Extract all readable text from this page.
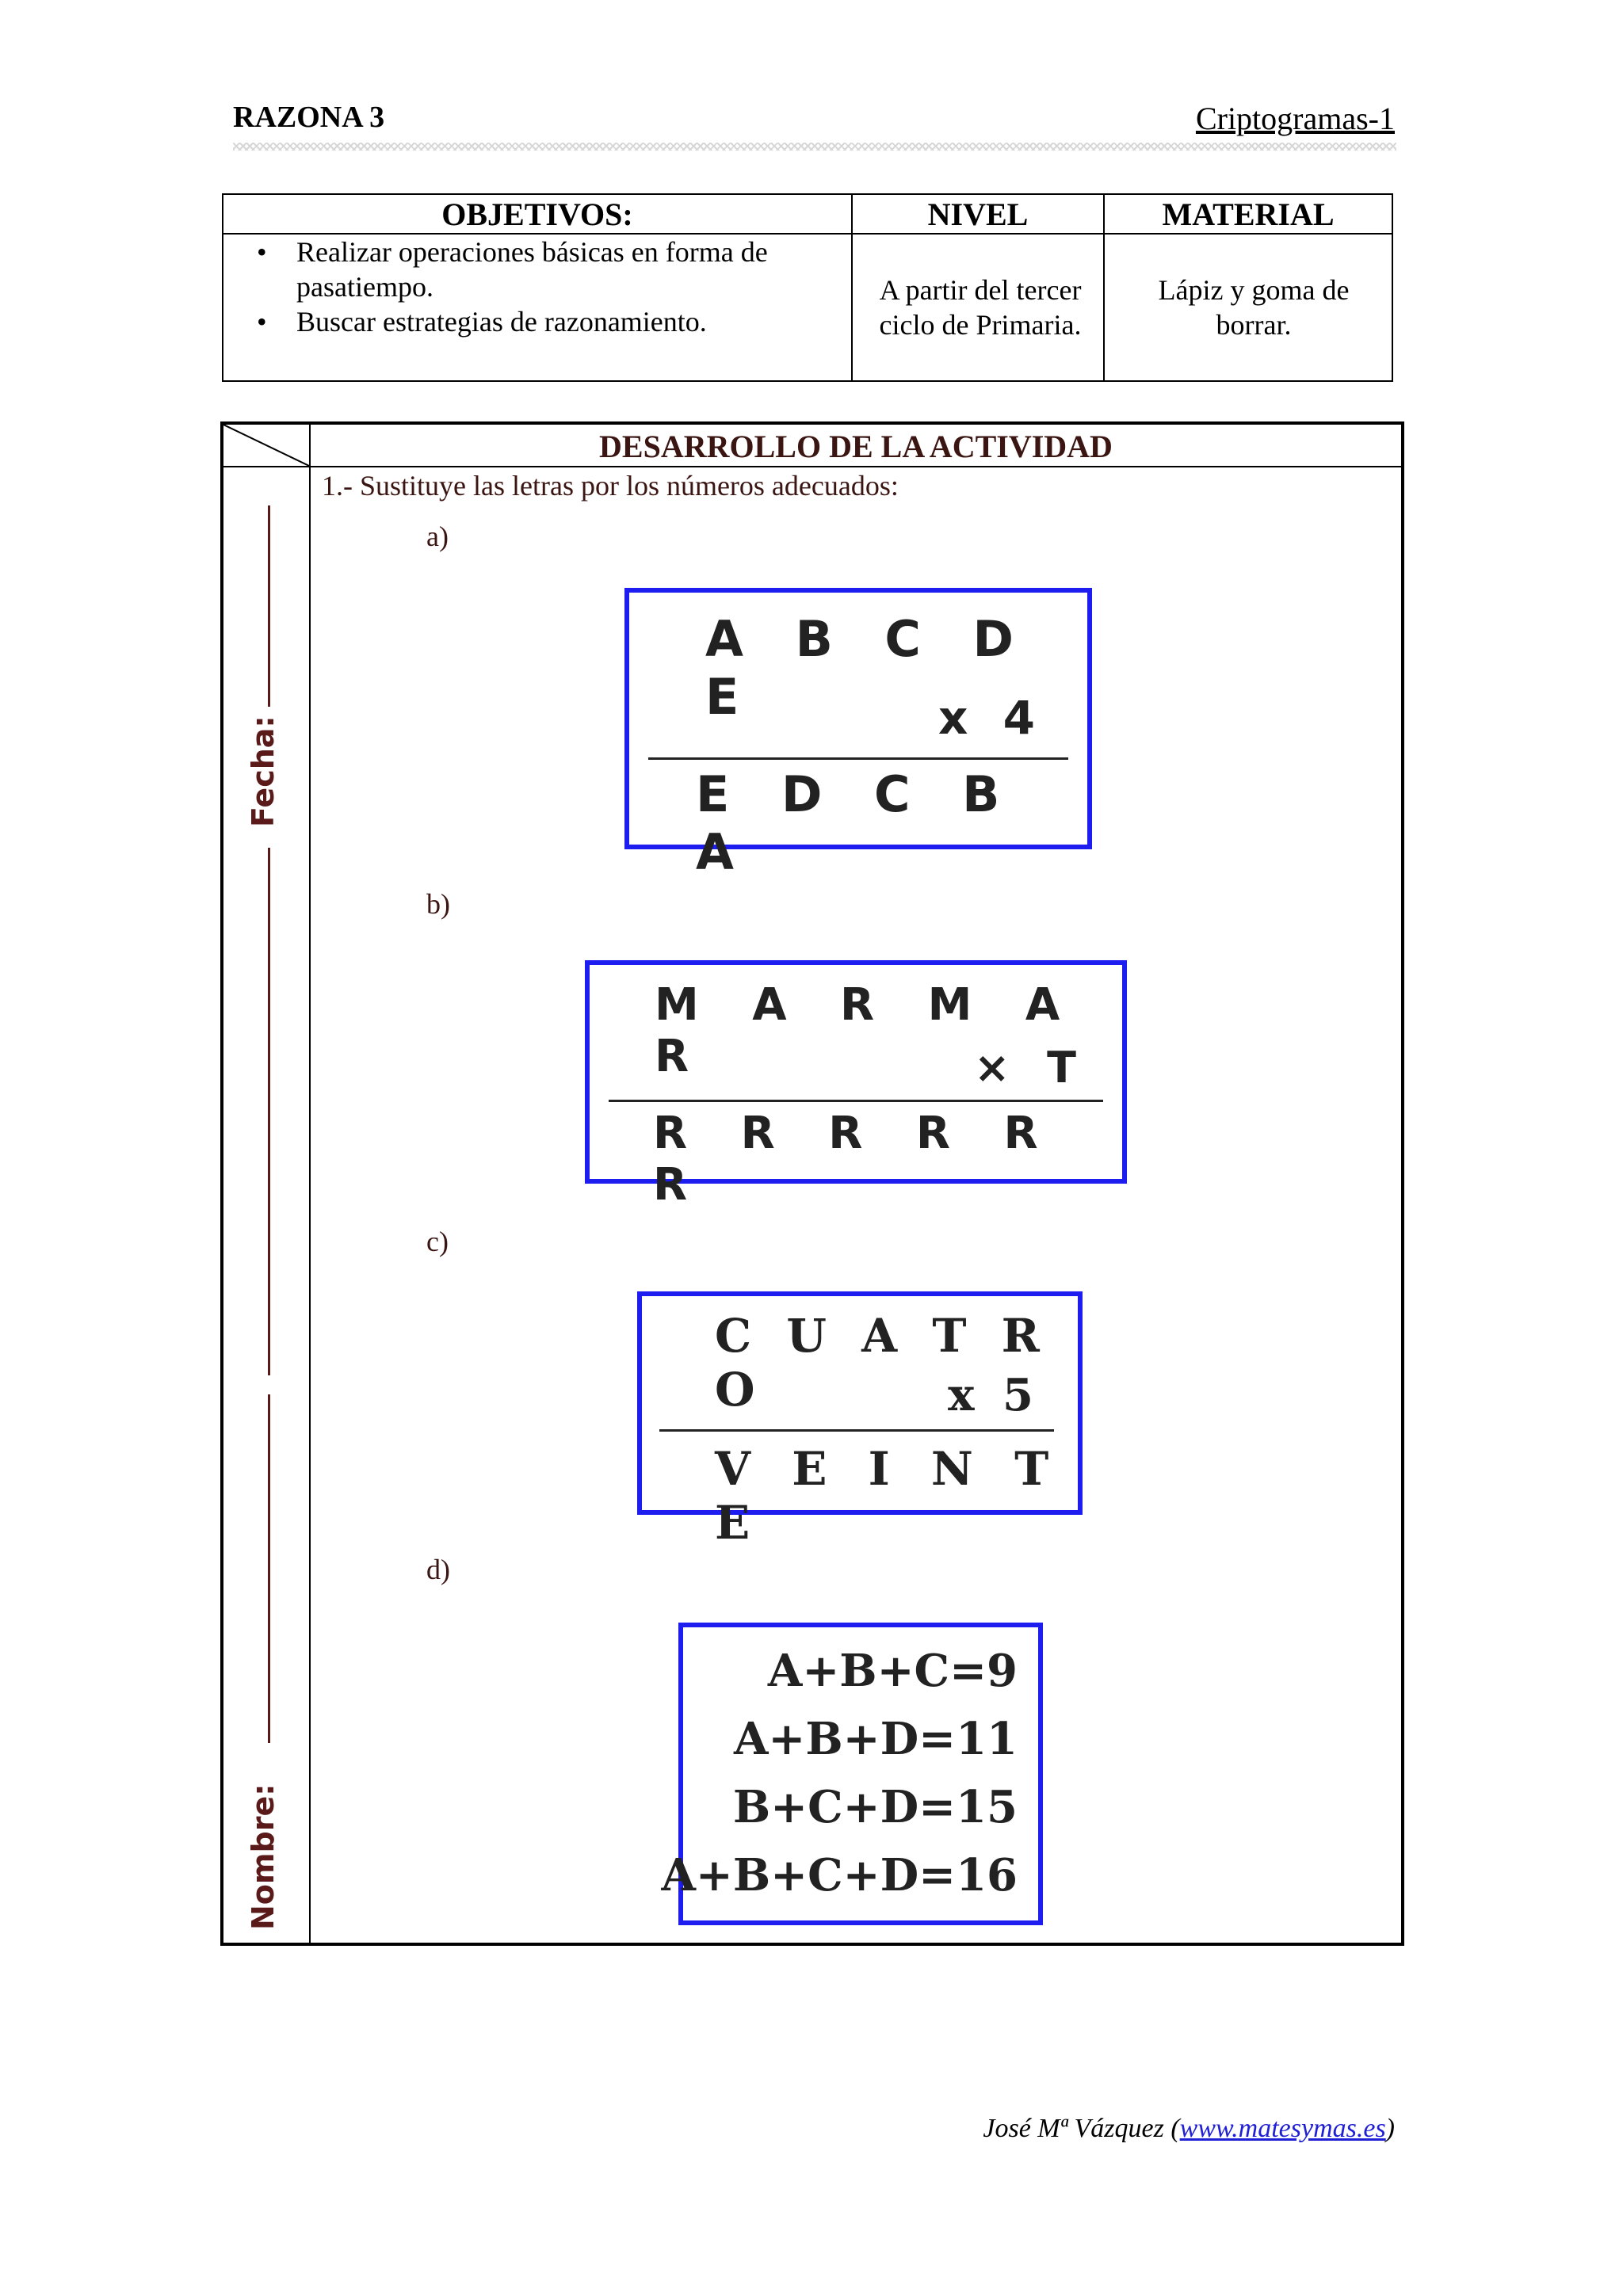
RAZONA 3	Criptogramas-1
OBJETIVOS:	NIVEL	MATERIAL
• Realizar operaciones básicas en forma de pasatiempo.
• Buscar estrategias de razonamiento.
A partir del tercer ciclo de Primaria.
Lápiz y goma de borrar.
DESARROLLO DE LA ACTIVIDAD
1.- Sustituye las letras por los números adecuados:
Fecha:
Nombre:
a)
A B C D E	x 4
E D C B A
b)
M A R M A R	× T
R R R R R R
c)
C U A T R O	x 5
V E I N T E
d)
A+B+C=9
A+B+D=11
B+C+D=15
A+B+C+D=16
José Mª Vázquez (www.matesymas.es)
